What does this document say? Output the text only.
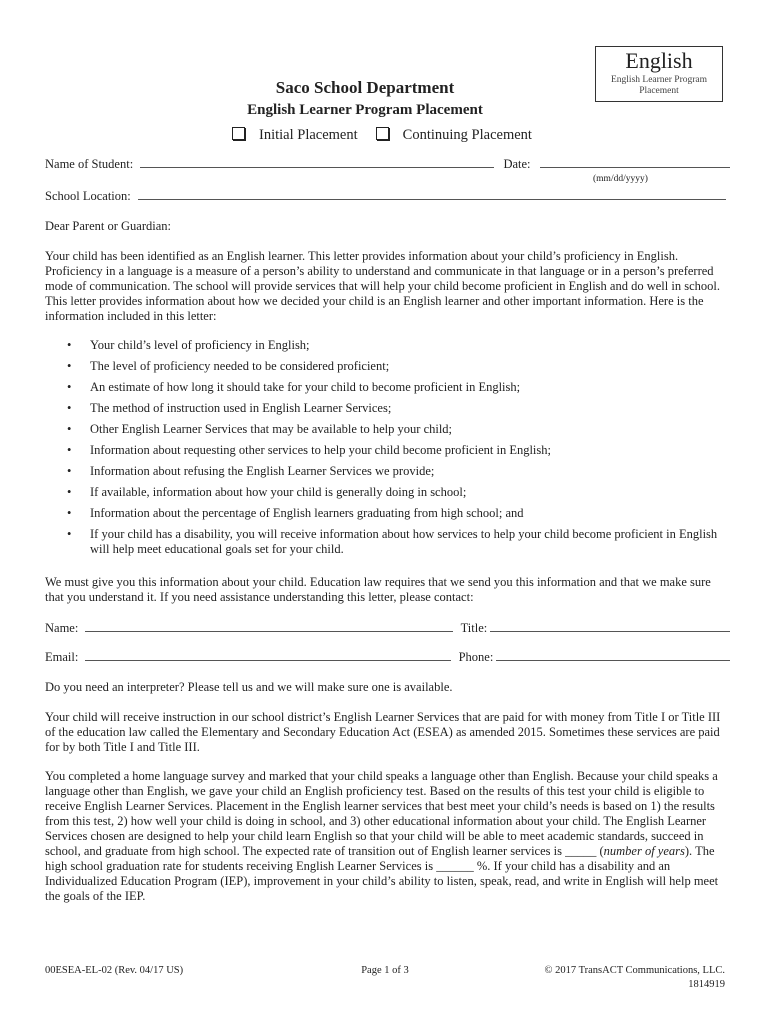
English
English Learner Program Placement
Saco School Department
English Learner Program Placement
Initial Placement	Continuing Placement
Name of Student:	Date:
(mm/dd/yyyy)
School Location:

Dear Parent or Guardian:

Your child has been identified as an English learner. This letter provides information about your child’s proficiency in English. Proficiency in a language is a measure of a person’s ability to understand and communicate in that language or in a person’s preferred mode of communication. The school will provide services that will help your child become proficient in English and do well in school. This letter provides information about how we decided your child is an English learner and other important information. Here is the information included in this letter:

• Your child’s level of proficiency in English;
• The level of proficiency needed to be considered proficient;
• An estimate of how long it should take for your child to become proficient in English;
• The method of instruction used in English Learner Services;
• Other English Learner Services that may be available to help your child;
• Information about requesting other services to help your child become proficient in English;
• Information about refusing the English Learner Services we provide;
• If available, information about how your child is generally doing in school;
• Information about the percentage of English learners graduating from high school; and
• If your child has a disability, you will receive information about how services to help your child become proficient in English will help meet educational goals set for your child.

We must give you this information about your child. Education law requires that we send you this information and that we make sure that you understand it. If you need assistance understanding this letter, please contact:

Name:	Title:
Email:	Phone:

Do you need an interpreter? Please tell us and we will make sure one is available.

Your child will receive instruction in our school district’s English Learner Services that are paid for with money from Title I or Title III of the education law called the Elementary and Secondary Education Act (ESEA) as amended 2015. Sometimes these services are paid for by both Title I and Title III.

You completed a home language survey and marked that your child speaks a language other than English. Because your child speaks a language other than English, we gave your child an English proficiency test. Based on the results of this test your child is eligible to receive English Learner Services. Placement in the English learner services that best meet your child’s needs is based on 1) the results from this test, 2) how well your child is doing in school, and 3) other educational information about your child. The English Learner Services chosen are designed to help your child learn English so that your child will be able to meet academic standards, succeed in school, and graduate from high school. The expected rate of transition out of English learner services is _____ (number of years). The high school graduation rate for students receiving English Learner Services is ______ %. If your child has a disability and an Individualized Education Program (IEP), improvement in your child’s ability to listen, speak, read, and write in English will help meet the goals of the IEP.

00ESEA-EL-02 (Rev. 04/17 US)	Page 1 of 3	© 2017 TransACT Communications, LLC.
1814919
